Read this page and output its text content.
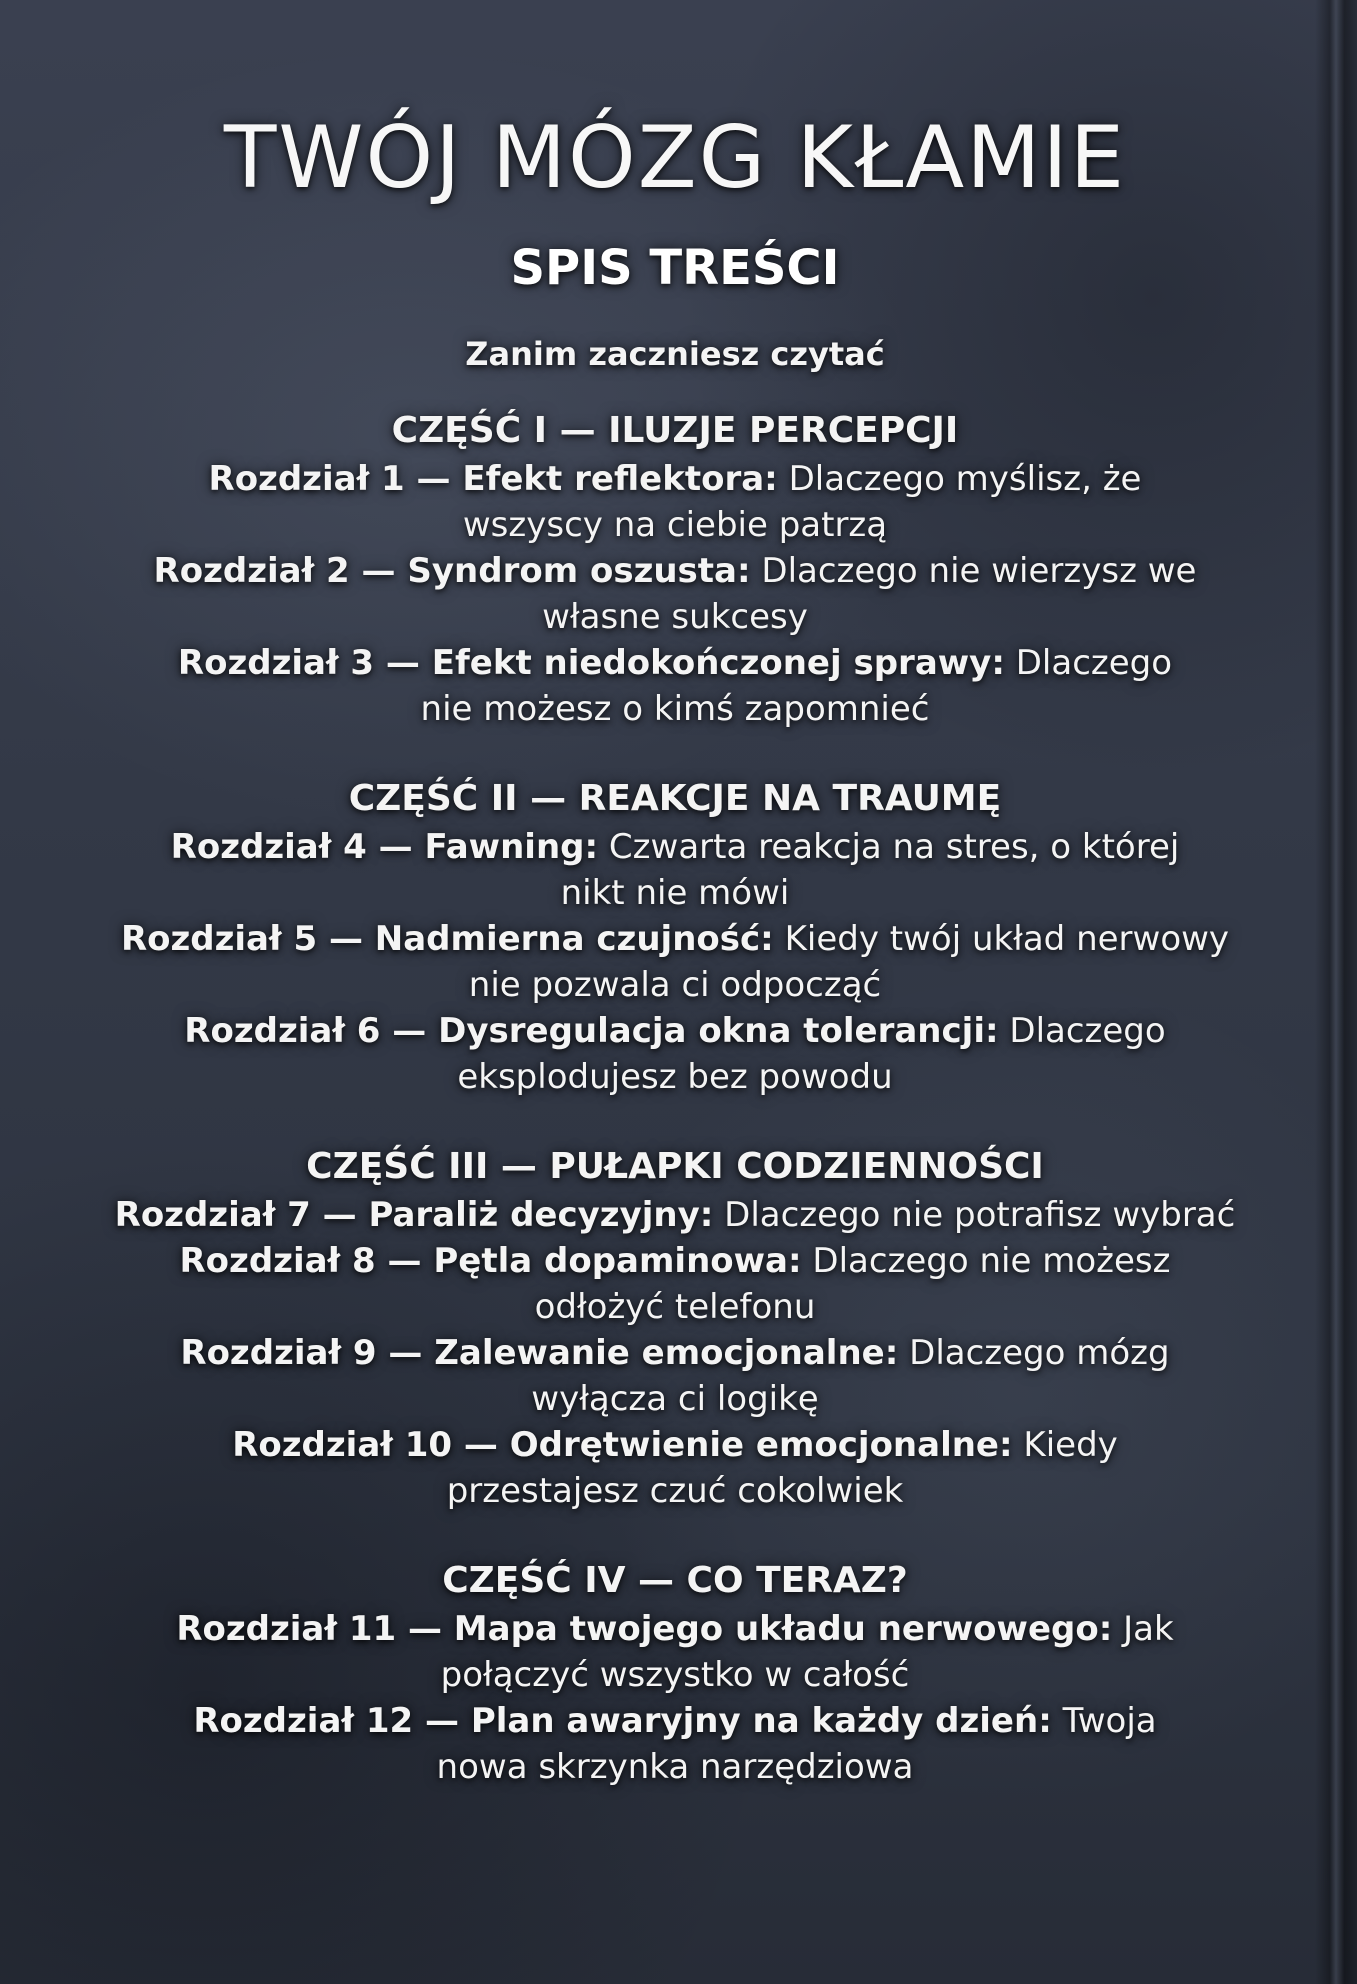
TWÓJ MÓZG KŁAMIE
SPIS TREŚCI

Zanim zaczniesz czytać

CZĘŚĆ I — ILUZJE PERCEPCJI

Rozdział 1 — Efekt reflektora: Dlaczego myślisz, że wszyscy na ciebie patrzą

Rozdział 2 — Syndrom oszusta: Dlaczego nie wierzysz we własne sukcesy

Rozdział 3 — Efekt niedokończonej sprawy: Dlaczego nie możesz o kimś zapomnieć

CZĘŚĆ II — REAKCJE NA TRAUMĘ

Rozdział 4 — Fawning: Czwarta reakcja na stres, o której nikt nie mówi

Rozdział 5 — Nadmierna czujność: Kiedy twój układ nerwowy nie pozwala ci odpocząć

Rozdział 6 — Dysregulacja okna tolerancji: Dlaczego eksplodujesz bez powodu

CZĘŚĆ III — PUŁAPKI CODZIENNOŚCI

Rozdział 7 — Paraliż decyzyjny: Dlaczego nie potrafisz wybrać

Rozdział 8 — Pętla dopaminowa: Dlaczego nie możesz odłożyć telefonu

Rozdział 9 — Zalewanie emocjonalne: Dlaczego mózg wyłącza ci logikę

Rozdział 10 — Odrętwienie emocjonalne: Kiedy przestajesz czuć cokolwiek

CZĘŚĆ IV — CO TERAZ?

Rozdział 11 — Mapa twojego układu nerwowego: Jak połączyć wszystko w całość

Rozdział 12 — Plan awaryjny na każdy dzień: Twoja nowa skrzynka narzędziowa
